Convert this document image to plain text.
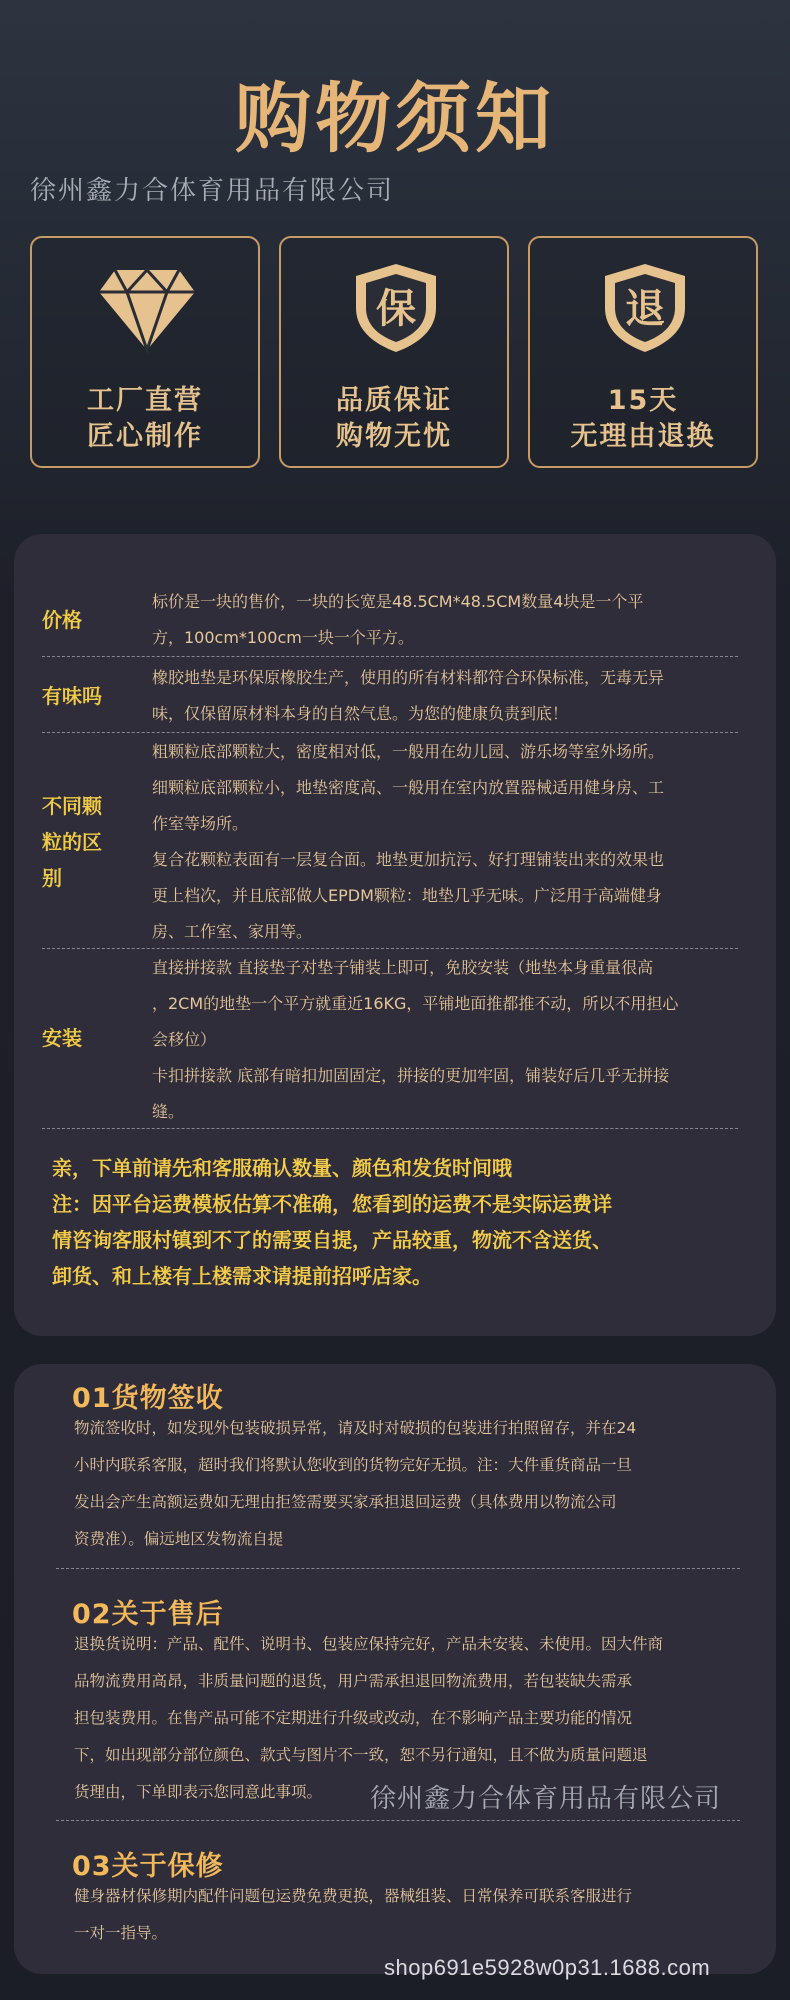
购物须知
徐州鑫力合体育用品有限公司
工厂直营
匠心制作
保
品质保证
购物无忧
退
15天
无理由退换
价格

标价是一块的售价，一块的长宽是48.5CM*48.5CM数量4块是一个平

方，100cm*100cm一块一个平方。

有味吗

橡胶地垫是环保原橡胶生产，使用的所有材料都符合环保标准，无毒无异

味，仅保留原材料本身的自然气息。为您的健康负责到底！

不同颗
粒的区
别

粗颗粒底部颗粒大，密度相对低，一般用在幼儿园、游乐场等室外场所。

细颗粒底部颗粒小，地垫密度高、一般用在室内放置器械适用健身房、工

作室等场所。

复合花颗粒表面有一层复合面。地垫更加抗污、好打理铺装出来的效果也

更上档次，并且底部做人EPDM颗粒：地垫几乎无味。广泛用于高端健身

房、工作室、家用等。

安装

直接拼接款 直接垫子对垫子铺装上即可，免胶安装（地垫本身重量很高

，2CM的地垫一个平方就重近16KG，平铺地面推都推不动，所以不用担心

会移位）

卡扣拼接款 底部有暗扣加固固定，拼接的更加牢固，铺装好后几乎无拼接

缝。

亲，下单前请先和客服确认数量、颜色和发货时间哦

注：因平台运费模板估算不准确，您看到的运费不是实际运费详

情咨询客服村镇到不了的需要自提，产品较重，物流不含送货、

卸货、和上楼有上楼需求请提前招呼店家。

01货物签收
物流签收时，如发现外包装破损异常，请及时对破损的包装进行拍照留存，并在24
小时内联系客服，超时我们将默认您收到的货物完好无损。注：大件重货商品一旦
发出会产生高额运费如无理由拒签需要买家承担退回运费（具体费用以物流公司
资费准）。偏远地区发物流自提
02关于售后
退换货说明：产品、配件、说明书、包装应保持完好，产品未安装、未使用。因大件商
品物流费用高昂，非质量问题的退货，用户需承担退回物流费用，若包装缺失需承
担包装费用。在售产品可能不定期进行升级或改动，在不影响产品主要功能的情况
下，如出现部分部位颜色、款式与图片不一致，恕不另行通知，且不做为质量问题退
货理由，下单即表示您同意此事项。	徐州鑫力合体育用品有限公司
03关于保修
健身器材保修期内配件问题包运费免费更换，器械组装、日常保养可联系客服进行
一对一指导。
shop691e5928w0p31.1688.com
